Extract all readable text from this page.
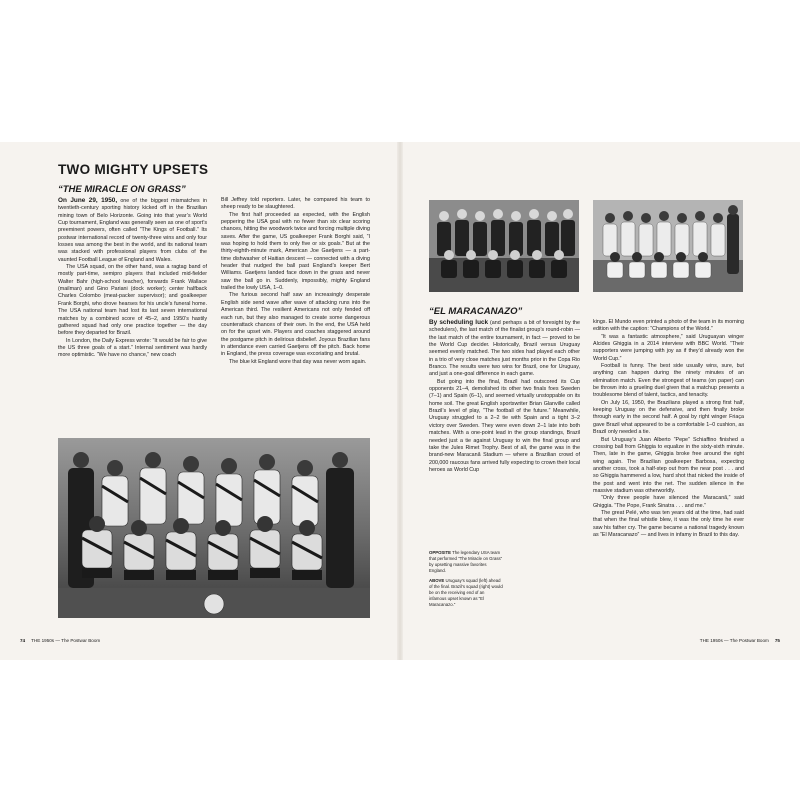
TWO MIGHTY UPSETS
“THE MIRACLE ON GRASS”

On June 29, 1950, one of the biggest mismatches in twentieth-century sporting history kicked off in the Brazilian mining town of Belo Horizonte. Going into that year’s World Cup tournament, England was generally seen as one of sport’s preeminent powers, often called “The Kings of Football.” Its postwar international record of twenty-three wins and only four losses was among the best in the world, and its national team was stacked with professional players from clubs of the vaunted Football League of England and Wales.

The USA squad, on the other hand, was a ragtag band of mostly part-time, semipro players that included mid-fielder Walter Bahr (high-school teacher), forwards Frank Wallace (mailman) and Gino Pariani (dock worker); center halfback Charles Colombo (meat-packer supervisor); and goalkeeper Frank Borghi, who drove hearses for his uncle’s funeral home. The USA national team had lost its last seven international matches by a combined score of 45–2, and 1950’s hastily gathered squad had only one practice together — the day before they departed for Brazil.

In London, the Daily Express wrote: “It would be fair to give the US three goals of a start.” Internal sentiment was hardly more optimistic. “We have no chance,” new coach

Bill Jeffrey told reporters. Later, he compared his team to sheep ready to be slaughtered.

The first half proceeded as expected, with the English peppering the USA goal with no fewer than six clear scoring chances, hitting the woodwork twice and forcing multiple diving saves. After the game, US goalkeeper Frank Borghi said, “I was hoping to hold them to only five or six goals.” But at the thirty-eighth-minute mark, American Joe Gaetjens — a part-time dishwasher of Haitian descent — connected with a diving header that nudged the ball past England’s keeper Bert Williams. Gaetjens landed face down in the grass and never saw the ball go in. Suddenly, impossibly, mighty England trailed the lowly USA, 1–0.

The furious second half saw an increasingly desperate English side send wave after wave of attacking runs into the American third. The resilient Americans not only fended off each run, but they also managed to create some dangerous counterattack chances of their own. In the end, the USA held on for the upset win. Players and coaches staggered around the postgame pitch in delirious disbelief. Joyous Brazilian fans in attendance even carried Gaetjens off the pitch. Back home in England, the press coverage was excoriating and brutal.

The blue kit England wore that day was never worn again.

74 THE 1950s — The Postwar Boom
“EL MARACANAZO”

By scheduling luck (and perhaps a bit of foresight by the schedulers), the last match of the finalist group’s round-robin — the last match of the entire tournament, in fact — proved to be the World Cup decider. Historically, Brazil versus Uruguay seemed evenly matched. The two sides had played each other in a trio of very close matches just months prior in the Copa Rio Branco. The results were two wins for Brazil, one for Uruguay, and just a one-goal difference in each game.

But going into the final, Brazil had outscored its Cup opponents 21–4, demolished its other two finals foes Sweden (7–1) and Spain (6–1), and seemed virtually unstoppable on its home soil. The great English sportswriter Brian Glanville called Brazil’s level of play, “The football of the future.” Meanwhile, Uruguay struggled to a 2–2 tie with Spain and a tight 3–2 victory over Sweden. They were even down 2–1 late into both matches. With a one-point lead in the group standings, Brazil needed just a tie against Uruguay to win the final group and take the Jules Rimet Trophy. Best of all, the game was in the brand-new Maracanã Stadium — where a Brazilian crowd of 200,000 raucous fans arrived fully expecting to crown their local heroes as World Cup

kings. El Mundo even printed a photo of the team in its morning edition with the caption: “Champions of the World.”

“It was a fantastic atmosphere,” said Uruguayan winger Alcides Ghiggia in a 2014 interview with BBC World. “Their supporters were jumping with joy as if they’d already won the World Cup.”

Football is funny. The best side usually wins, sure, but anything can happen during the ninety minutes of an elimination match. Even the strongest of teams (on paper) can be thrown into a grueling duel given that a matchup presents a troublesome blend of talent, tactics, and tenacity.

On July 16, 1950, the Brazilians played a strong first half, keeping Uruguay on the defensive, and then finally broke through early in the second half. A goal by right winger Friaça gave Brazil what appeared to be a comfortable 1–0 cushion, as Brazil only needed a tie.

But Uruguay’s Juan Alberto “Pepe” Schiaffino finished a crossing ball from Ghiggia to equalize in the sixty-sixth minute. Then, late in the game, Ghiggia broke free around the right wing again. The Brazilian goalkeeper Barbosa, expecting another cross, took a half-step out from the near post . . . and so Ghiggia hammered a low, hard shot that nicked the inside of the post and went into the net. The sudden silence in the massive stadium was otherworldly.

“Only three people have silenced the Maracanã,” said Ghiggia. “The Pope, Frank Sinatra . . . and me.”

The great Pelé, who was ten years old at the time, had said that when the final whistle blew, it was the only time he ever saw his father cry. The game became a national tragedy known as “El Maracanazo” — and lives in infamy in Brazil to this day.

OPPOSITE The legendary USA team that performed “The Miracle on Grass” by upsetting massive favorites England.

ABOVE Uruguay’s squad (left) ahead of the final. Brazil’s squad (right) would be on the receiving end of an infamous upset known as “El Maracanazo.”

THE 1950s — The Postwar Boom 75
